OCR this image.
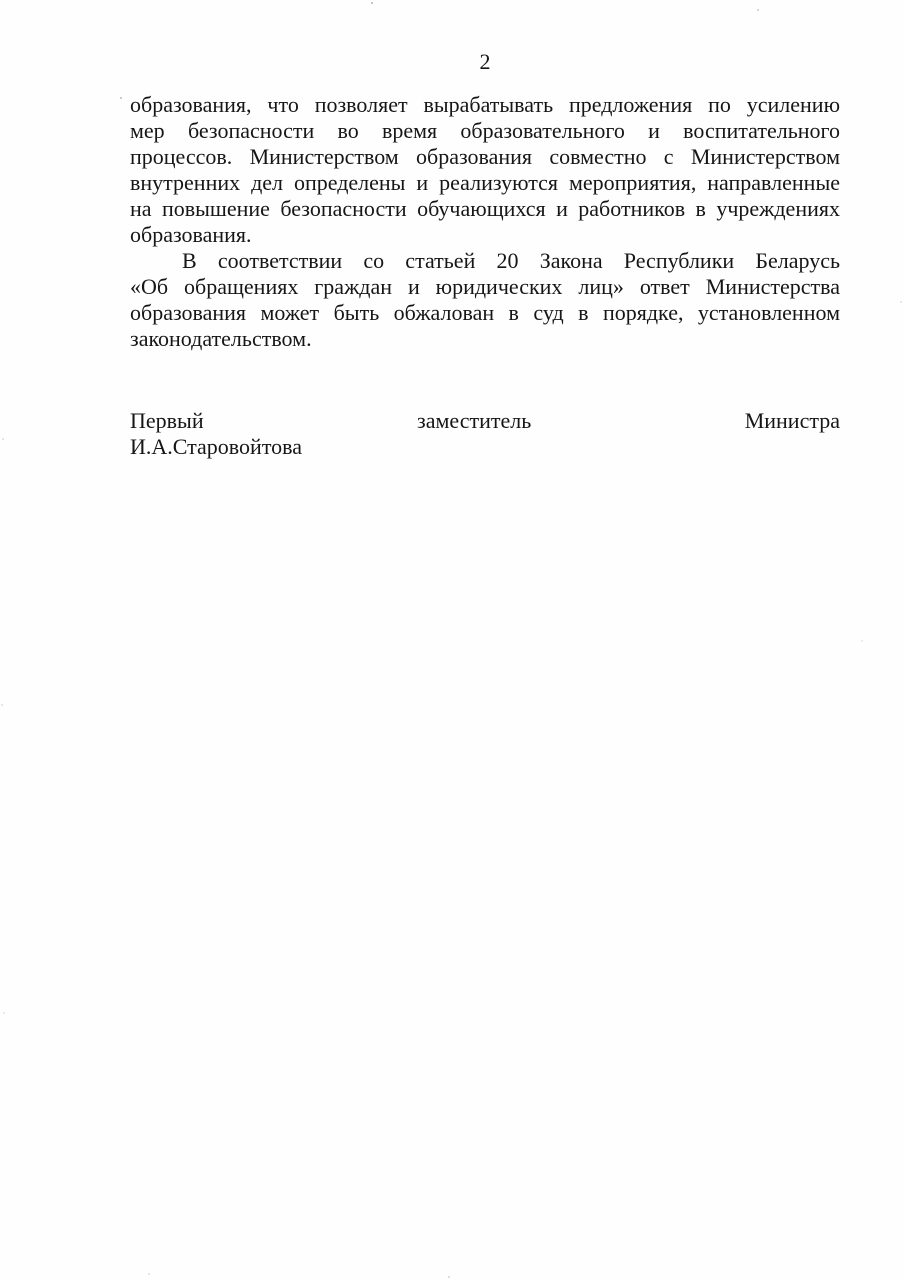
2
образования, что позволяет вырабатывать предложения по усилению
мер безопасности во время образовательного и воспитательного
процессов. Министерством образования совместно с Министерством
внутренних дел определены и реализуются мероприятия, направленные
на повышение безопасности обучающихся и работников в учреждениях
образования.
В соответствии со статьей 20 Закона Республики Беларусь
«Об обращениях граждан и юридических лиц» ответ Министерства
образования может быть обжалован в суд в порядке, установленном
законодательством.
Первый	заместитель	Министра
И.А.Старовойтова
